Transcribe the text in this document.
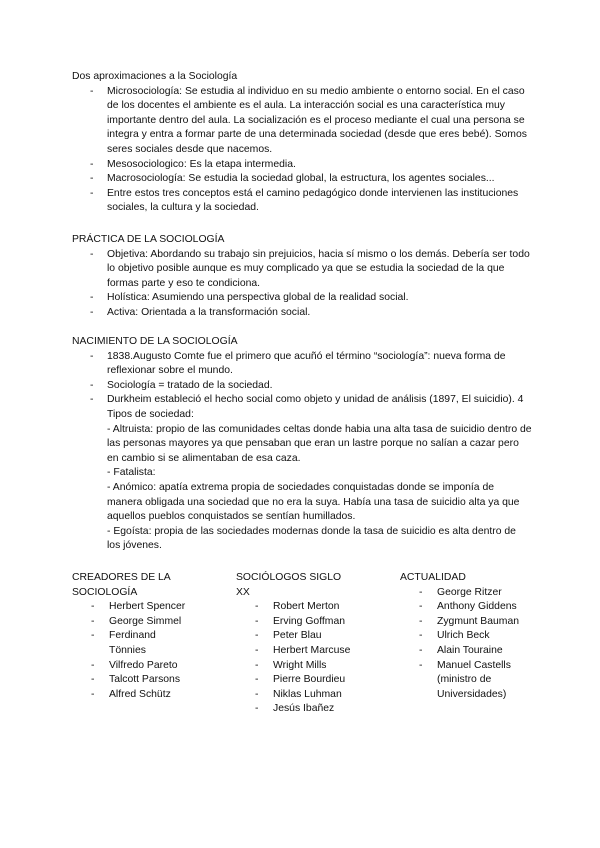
Dos aproximaciones a la Sociología

- Microsociología: Se estudia al individuo en su medio ambiente o entorno social. En el caso de los docentes el ambiente es el aula. La interacción social es una característica muy importante dentro del aula. La socialización es el proceso mediante el cual una persona se integra y entra a formar parte de una determinada sociedad (desde que eres bebé). Somos seres sociales desde que nacemos.
- Mesosociologico: Es la etapa intermedia.
- Macrosociología: Se estudia la sociedad global, la estructura, los agentes sociales...
- Entre estos tres conceptos está el camino pedagógico donde intervienen las instituciones sociales, la cultura y la sociedad.

PRÁCTICA DE LA SOCIOLOGÍA

- Objetiva: Abordando su trabajo sin prejuicios, hacia sí mismo o los demás. Debería ser todo lo objetivo posible aunque es muy complicado ya que se estudia la sociedad de la que formas parte y eso te condiciona.
- Holística: Asumiendo una perspectiva global de la realidad social.
- Activa: Orientada a la transformación social.

NACIMIENTO DE LA SOCIOLOGÍA

- 1838.Augusto Comte fue el primero que acuñó el término “sociología”: nueva forma de reflexionar sobre el mundo.
- Sociología = tratado de la sociedad.
- Durkheim estableció el hecho social como objeto y unidad de análisis (1897, El suicidio). 4 Tipos de sociedad:
- Altruista: propio de las comunidades celtas donde habia una alta tasa de suicidio dentro de las personas mayores ya que pensaban que eran un lastre porque no salían a cazar pero en cambio si se alimentaban de esa caza.
- Fatalista:
- Anómico: apatía extrema propia de sociedades conquistadas donde se imponía de manera obligada una sociedad que no era la suya. Había una tasa de suicidio alta ya que aquellos pueblos conquistados se sentían humillados.
- Egoísta: propia de las sociedades modernas donde la tasa de suicidio es alta dentro de los jóvenes.

CREADORES DE LA SOCIOLOGÍA

- Herbert Spencer
- George Simmel
- Ferdinand Tönnies
- Vilfredo Pareto
- Talcott Parsons
- Alfred Schütz

SOCIÓLOGOS SIGLO XX

- Robert Merton
- Erving Goffman
- Peter Blau
- Herbert Marcuse
- Wright Mills
- Pierre Bourdieu
- Niklas Luhman
- Jesús Ibañez

ACTUALIDAD

- George Ritzer
- Anthony Giddens
- Zygmunt Bauman
- Ulrich Beck
- Alain Touraine
- Manuel Castells (ministro de Universidades)
